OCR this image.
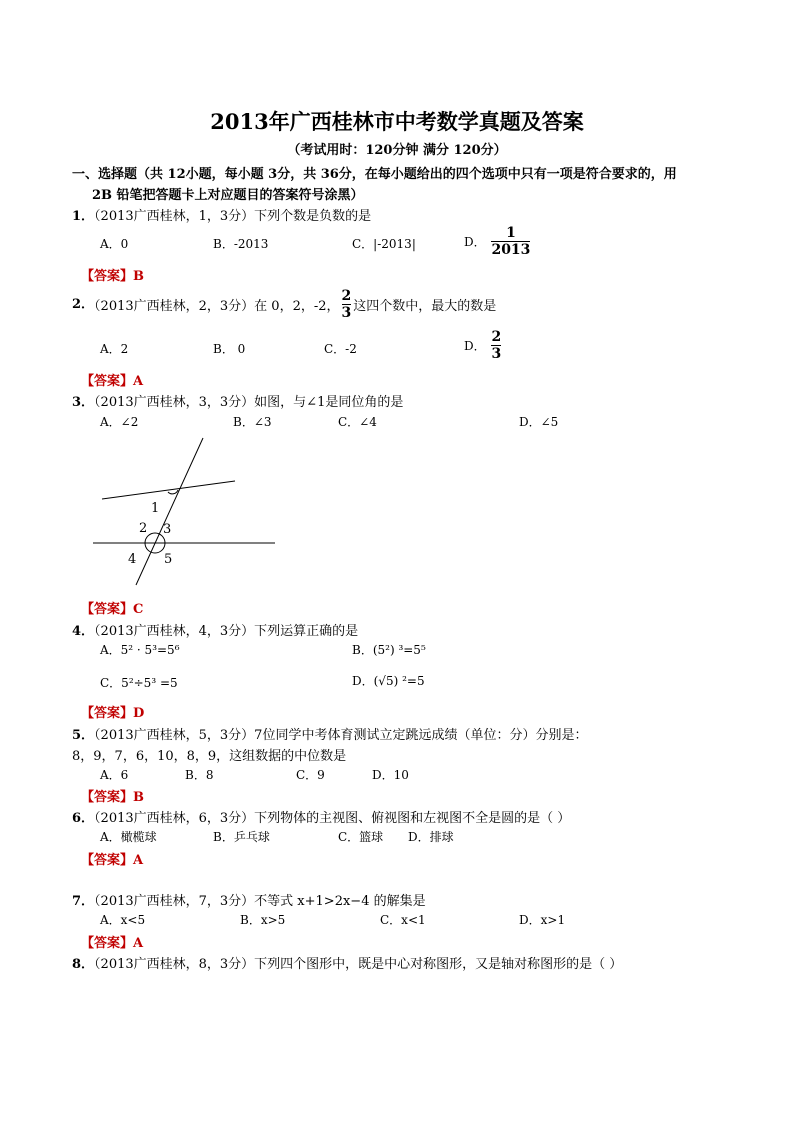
2013年广西桂林市中考数学真题及答案
（考试用时：120分钟 满分 120分）
一、选择题（共 12小题，每小题 3分，共 36分，在每小题给出的四个选项中只有一项是符合要求的，用
2B 铅笔把答题卡上对应题目的答案符号涂黑）
1．（2013广西桂林，1，3分）下列个数是负数的是
A．0	B．-2013	C．|-2013|	D． $\frac{1}{2013}$
【答案】B
2．（2013广西桂林，2，3分）在 0，2，-2， $\frac{2}{3}$ 这四个数中，最大的数是
A．2	B． 0	C．-2	D． $\frac{2}{3}$
【答案】A
3．（2013广西桂林，3，3分）如图，与∠1是同位角的是
A．∠2	B．∠3	C．∠4	D．∠5
1
2 3
4 5
【答案】C
4．（2013广西桂林，4，3分）下列运算正确的是
A．5² · 5³=5⁶	B．(5²) ³=5⁵
C．5²÷5³ =5	D．(√5) ²=5
【答案】D
5．（2013广西桂林，5，3分）7位同学中考体育测试立定跳远成绩（单位：分）分别是：
8，9，7，6，10，8，9，这组数据的中位数是
A．6	B．8	C．9	D．10
【答案】B
6．（2013广西桂林，6，3分）下列物体的主视图、俯视图和左视图不全是圆的是（ ）
A．橄榄球	B．乒乓球	C．篮球 D．排球
【答案】A
7．（2013广西桂林，7，3分）不等式 x+1>2x−4 的解集是
A．x<5	B．x>5	C．x<1	D．x>1
【答案】A
8．（2013广西桂林，8，3分）下列四个图形中，既是中心对称图形，又是轴对称图形的是（ ）
